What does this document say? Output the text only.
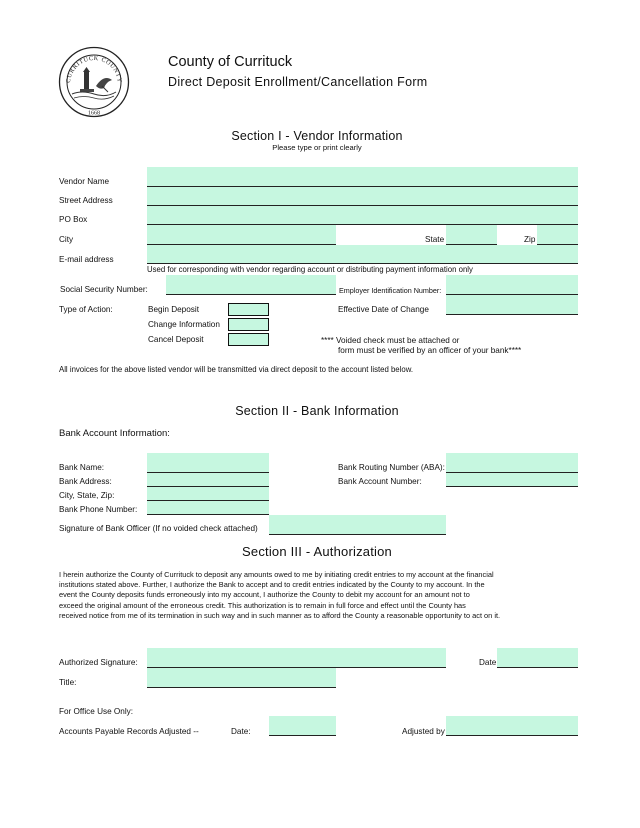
CURRITUCK COUNTY
1668
County of Currituck
Direct Deposit Enrollment/Cancellation Form
Section I - Vendor Information
Please type or print clearly
Vendor Name
Street Address
PO Box
City	State	Zip
E-mail address
Used for corresponding with vendor regarding account or distributing payment information only
Social Security Number:	Employer Identification Number:
Type of Action:	Begin Deposit
Change Information
Cancel Deposit
Effective Date of Change
**** Voided check must be attached or
form must be verified by an officer of your bank****
All invoices for the above listed vendor will be transmitted via direct deposit to the account listed below.
Section II - Bank Information
Bank Account Information:
Bank Name:
Bank Address:
City, State, Zip:
Bank Phone Number:
Bank Routing Number (ABA):
Bank Account Number:
Signature of Bank Officer (If no voided check attached)
Section III - Authorization
I herein authorize the County of Currituck to deposit any amounts owed to me by initiating credit entries to my account at the financial
institutions stated above. Further, I authorize the Bank to accept and to credit entries indicated by the County to my account. In the
event the County deposits funds erroneously into my account, I authorize the County to debit my account for an amount not to
exceed the original amount of the erroneous credit. This authorization is to remain in full force and effect until the County has
received notice from me of its termination in such way and in such manner as to afford the County a reasonable opportunity to act on it.
Authorized Signature:	Date
Title:
For Office Use Only:
Accounts Payable Records Adjusted --	Date:	Adjusted by
